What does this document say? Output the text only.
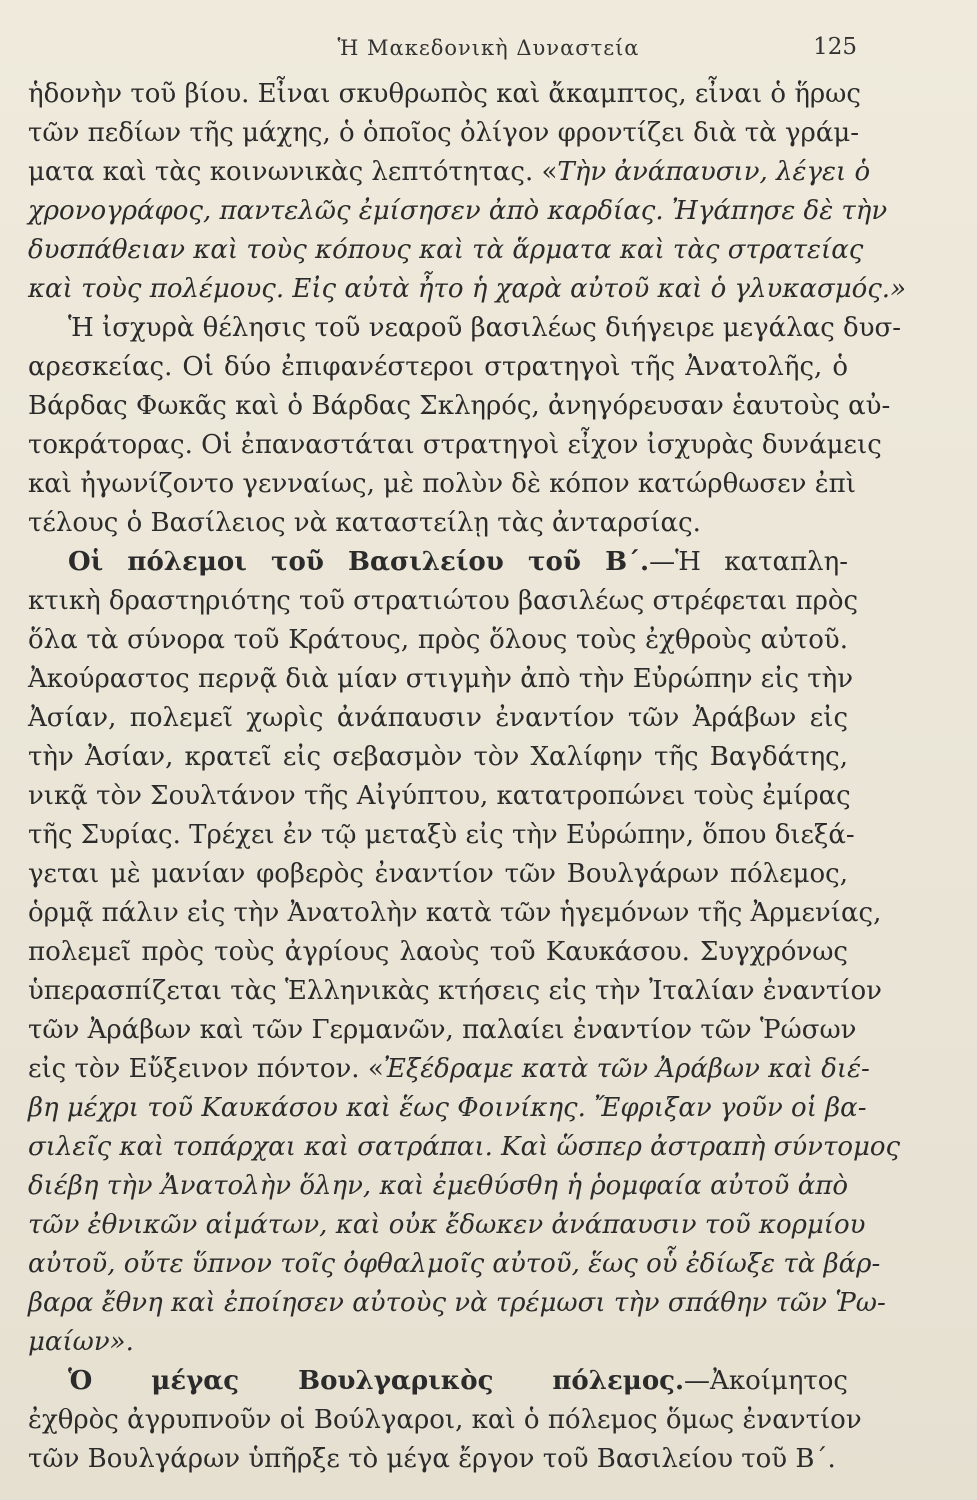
Ἡ Μακεδονικὴ Δυναστεία	125
ἡδονὴν τοῦ βίου. Εἶναι σκυθρωπὸς καὶ ἄκαμπτος, εἶναι ὁ ἥρως
τῶν πεδίων τῆς μάχης, ὁ ὁποῖος ὀλίγον φροντίζει διὰ τὰ γράμ-
ματα καὶ τὰς κοινωνικὰς λεπτότητας. «Τὴν ἀνάπαυσιν, λέγει ὁ
χρονογράφος, παντελῶς ἐμίσησεν ἀπὸ καρδίας. Ἠγάπησε δὲ τὴν
δυσπάθειαν καὶ τοὺς κόπους καὶ τὰ ἅρματα καὶ τὰς στρατείας
καὶ τοὺς πολέμους. Εἰς αὐτὰ ἦτο ἡ χαρὰ αὐτοῦ καὶ ὁ γλυκασμός.»
Ἡ ἰσχυρὰ θέλησις τοῦ νεαροῦ βασιλέως διήγειρε μεγάλας δυσ-
αρεσκείας. Οἱ δύο ἐπιφανέστεροι στρατηγοὶ τῆς Ἀνατολῆς, ὁ
Βάρδας Φωκᾶς καὶ ὁ Βάρδας Σκληρός, ἀνηγόρευσαν ἑαυτοὺς αὐ-
τοκράτορας. Οἱ ἐπαναστάται στρατηγοὶ εἶχον ἰσχυρὰς δυνάμεις
καὶ ἠγωνίζοντο γενναίως, μὲ πολὺν δὲ κόπον κατώρθωσεν ἐπὶ
τέλους ὁ Βασίλειος νὰ καταστείλῃ τὰς ἀνταρσίας.
Οἱ πόλεμοι τοῦ Βασιλείου τοῦ Β΄.—Ἡ καταπλη-
κτικὴ δραστηριότης τοῦ στρατιώτου βασιλέως στρέφεται πρὸς
ὅλα τὰ σύνορα τοῦ Κράτους, πρὸς ὅλους τοὺς ἐχθροὺς αὐτοῦ.
Ἀκούραστος περνᾷ διὰ μίαν στιγμὴν ἀπὸ τὴν Εὐρώπην εἰς τὴν
Ἀσίαν, πολεμεῖ χωρὶς ἀνάπαυσιν ἐναντίον τῶν Ἀράβων εἰς
τὴν Ἀσίαν, κρατεῖ εἰς σεβασμὸν τὸν Χαλίφην τῆς Βαγδάτης,
νικᾷ τὸν Σουλτάνον τῆς Αἰγύπτου, κατατροπώνει τοὺς ἐμίρας
τῆς Συρίας. Τρέχει ἐν τῷ μεταξὺ εἰς τὴν Εὐρώπην, ὅπου διεξά-
γεται μὲ μανίαν φοβερὸς ἐναντίον τῶν Βουλγάρων πόλεμος,
ὁρμᾷ πάλιν εἰς τὴν Ἀνατολὴν κατὰ τῶν ἡγεμόνων τῆς Ἀρμενίας,
πολεμεῖ πρὸς τοὺς ἀγρίους λαοὺς τοῦ Καυκάσου. Συγχρόνως
ὑπερασπίζεται τὰς Ἑλληνικὰς κτήσεις εἰς τὴν Ἰταλίαν ἐναντίον
τῶν Ἀράβων καὶ τῶν Γερμανῶν, παλαίει ἐναντίον τῶν Ῥώσων
εἰς τὸν Εὔξεινον πόντον. «Ἐξέδραμε κατὰ τῶν Ἀράβων καὶ διέ-
βη μέχρι τοῦ Καυκάσου καὶ ἕως Φοινίκης. Ἔφριξαν γοῦν οἱ βα-
σιλεῖς καὶ τοπάρχαι καὶ σατράπαι. Καὶ ὥσπερ ἀστραπὴ σύντομος
διέβη τὴν Ἀνατολὴν ὅλην, καὶ ἐμεθύσθη ἡ ῥομφαία αὐτοῦ ἀπὸ
τῶν ἐθνικῶν αἱμάτων, καὶ οὐκ ἔδωκεν ἀνάπαυσιν τοῦ κορμίου
αὐτοῦ, οὔτε ὕπνον τοῖς ὀφθαλμοῖς αὐτοῦ, ἕως οὗ ἐδίωξε τὰ βάρ-
βαρα ἔθνη καὶ ἐποίησεν αὐτοὺς νὰ τρέμωσι τὴν σπάθην τῶν Ῥω-
μαίων».
Ὁ μέγας Βουλγαρικὸς πόλεμος.—Ἀκοίμητος
ἐχθρὸς ἀγρυπνοῦν οἱ Βούλγαροι, καὶ ὁ πόλεμος ὅμως ἐναντίον
τῶν Βουλγάρων ὑπῆρξε τὸ μέγα ἔργον τοῦ Βασιλείου τοῦ Β΄.
